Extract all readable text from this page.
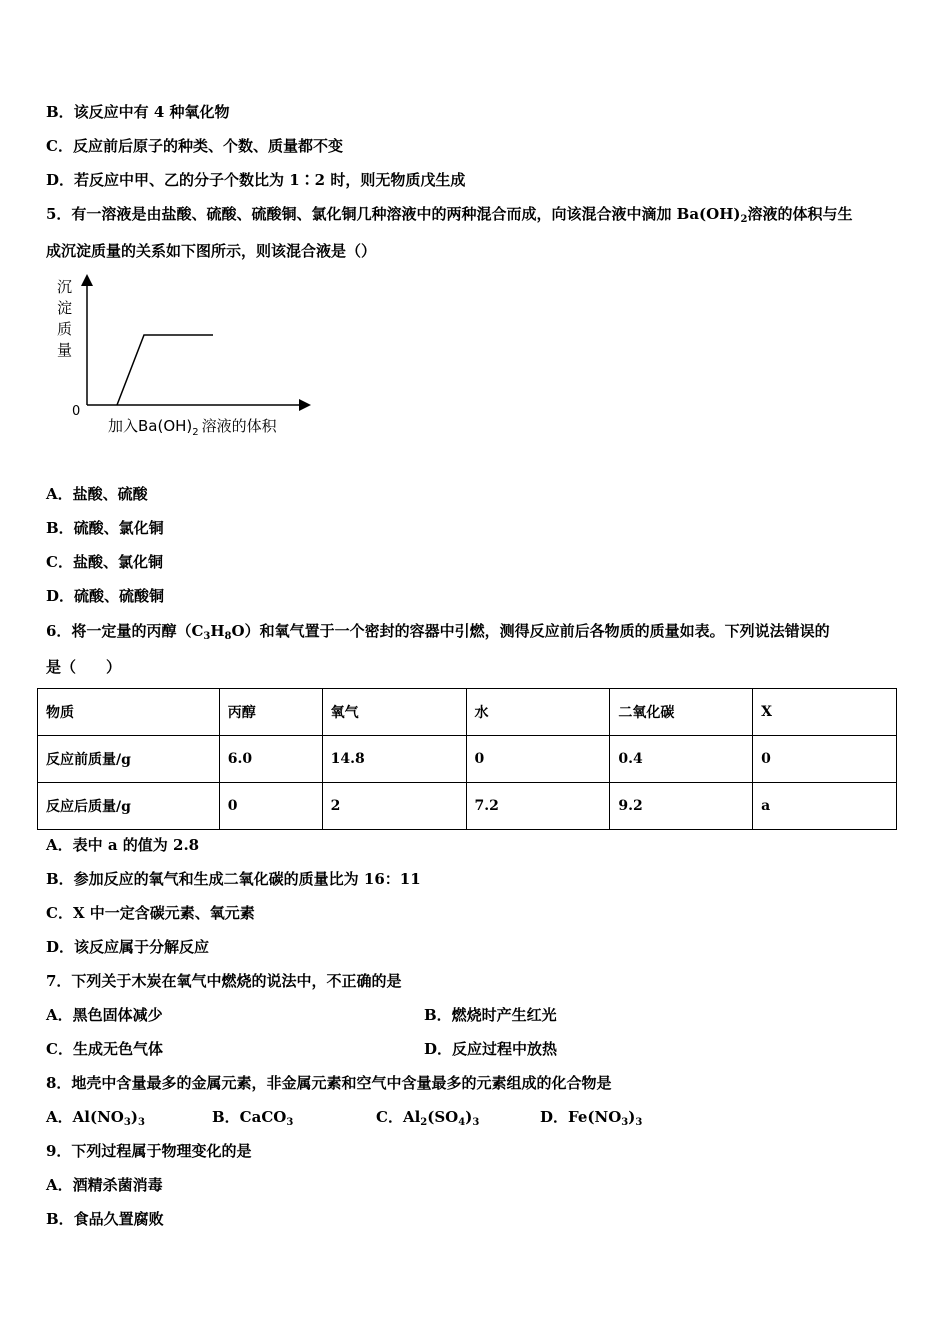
B．该反应中有 4 种氧化物
C．反应前后原子的种类、个数、质量都不变
D．若反应中甲、乙的分子个数比为 1∶2 时，则无物质戊生成
5．有一溶液是由盐酸、硫酸、硫酸铜、氯化铜几种溶液中的两种混合而成，向该混合液中滴加 $Ba(OH)_2$溶液的体积与生
成沉淀质量的关系如下图所示，则该混合液是（）
沉
淀
质
量
0
加入$Ba(OH)_2$ 溶液的体积
A．盐酸、硫酸
B．硫酸、氯化铜
C．盐酸、氯化铜
D．硫酸、硫酸铜
6．将一定量的丙醇$(C_3H_8O)$和氧气置于一个密封的容器中引燃，测得反应前后各物质的质量如表。下列说法错误的
是（　　）
物质	丙醇	氧气	水	二氧化碳	X
反应前质量/g	6.0	14.8	0	0.4	0
反应后质量/g	0	2	7.2	9.2	a
A．表中 a 的值为 2.8
B．参加反应的氧气和生成二氧化碳的质量比为 16：11
C．X 中一定含碳元素、氧元素
D．该反应属于分解反应
7．下列关于木炭在氧气中燃烧的说法中，不正确的是
A．黑色固体减少	B．燃烧时产生红光
C．生成无色气体	D．反应过程中放热
8．地壳中含量最多的金属元素，非金属元素和空气中含量最多的元素组成的化合物是
A．$Al(NO_3)_3$	B．CaCO$_3$	C．$Al_2(SO_4)_3$	D．$Fe(NO_3)_3$
9．下列过程属于物理变化的是
A．酒精杀菌消毒
B．食品久置腐败
